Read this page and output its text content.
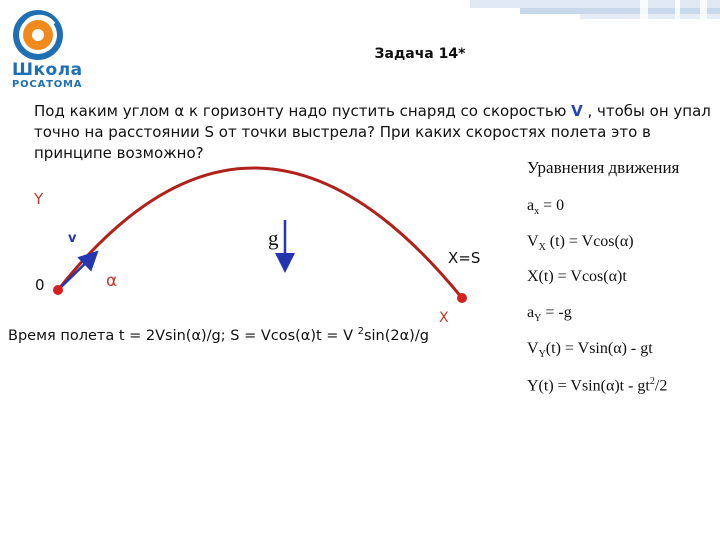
Школа
РОСАТОМА
Задача 14*
Под каким углом α к горизонту надо пустить снаряд со скоростью V , чтобы он упал точно на расстоянии S от точки выстрела? При каких скоростях полета это в принципе возможно?
Y
v
0	α
g
X=S
X
Время полета t = 2Vsin(α)/g; S = Vcos(α)t = V $^2$sin(2α)/g
Уравнения движения
$a_x = 0$
$V_X$ (t) = Vcos(α)
X(t) = Vcos(α)t
$a_Y = -g$
$V_Y(t) = Vsin(\alpha)$ - gt
$Y(t) = Vsin(\alpha)t - gt^2/2$
